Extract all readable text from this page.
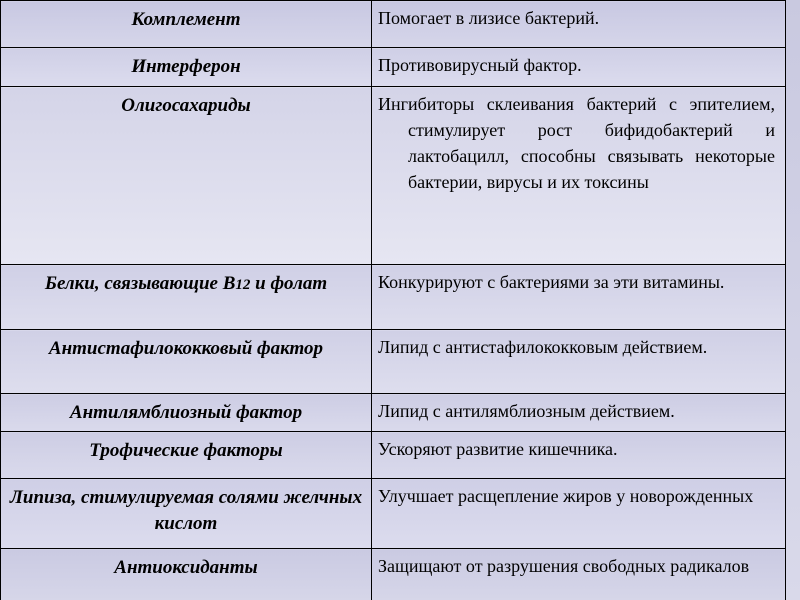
Комплемент	Помогает в лизисе бактерий.

Интерферон	Противовирусный фактор.

Олигосахариды	Ингибиторы склеивания бактерий с эпителием, стимулирует рост бифидобактерий и лактобацилл, способны связывать некоторые бактерии, вирусы и их токсины

Белки, связывающие В12 и фолат	Конкурируют с бактериями за эти витамины.

Антистафилококковый фактор	Липид с антистафилококковым действием.

Антилямблиозный фактор	Липид с антилямблиозным действием.

Трофические факторы	Ускоряют развитие кишечника.

Липиза, стимулируемая солями желчных кислот	Улучшает расщепление жиров у новорожденных

Антиоксиданты	Защищают от разрушения свободных радикалов
